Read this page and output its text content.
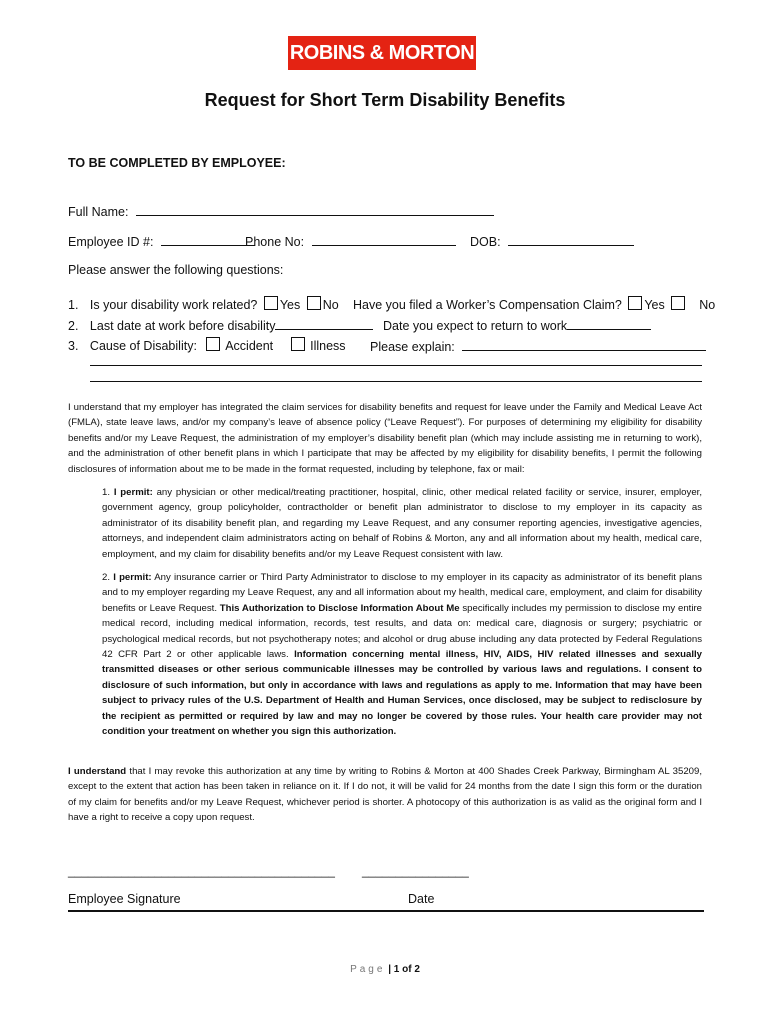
ROBINS & MORTON
Request for Short Term Disability Benefits
TO BE COMPLETED BY EMPLOYEE:
Full Name:
Employee ID #:	Phone No:	DOB:
Please answer the following questions:
1. Is your disability work related? Yes No Have you filed a Worker’s Compensation Claim? Yes	No
2. Last date at work before disability	Date you expect to return to work
3. Cause of Disability: Accident	Illness Please explain:
I understand that my employer has integrated the claim services for disability benefits and request for leave under the Family and Medical Leave Act (FMLA), state leave laws, and/or my company’s leave of absence policy (“Leave Request”). For purposes of determining my eligibility for disability benefits and/or my Leave Request, the administration of my employer’s disability benefit plan (which may include assisting me in returning to work), and the administration of other benefit plans in which I participate that may be affected by my eligibility for disability benefits, I permit the following disclosures of information about me to be made in the format requested, including by telephone, fax or mail:
1. I permit: any physician or other medical/treating practitioner, hospital, clinic, other medical related facility or service, insurer, employer, government agency, group policyholder, contractholder or benefit plan administrator to disclose to my employer in its capacity as administrator of its disability benefit plan, and regarding my Leave Request, and any consumer reporting agencies, investigative agencies, attorneys, and independent claim administrators acting on behalf of Robins & Morton, any and all information about my health, medical care, employment, and my claim for disability benefits and/or my Leave Request consistent with law.
2. I permit: Any insurance carrier or Third Party Administrator to disclose to my employer in its capacity as administrator of its benefit plans and to my employer regarding my Leave Request, any and all information about my health, medical care, employment, and claim for disability benefits or Leave Request. This Authorization to Disclose Information About Me specifically includes my permission to disclose my entire medical record, including medical information, records, test results, and data on: medical care, diagnosis or surgery; psychiatric or psychological medical records, but not psychotherapy notes; and alcohol or drug abuse including any data protected by Federal Regulations 42 CFR Part 2 or other applicable laws. Information concerning mental illness, HIV, AIDS, HIV related illnesses and sexually transmitted diseases or other serious communicable illnesses may be controlled by various laws and regulations. I consent to disclosure of such information, but only in accordance with laws and regulations as apply to me. Information that may have been subject to privacy rules of the U.S. Department of Health and Human Services, once disclosed, may be subject to redisclosure by the recipient as permitted or required by law and may no longer be covered by those rules. Your health care provider may not condition your treatment on whether you sign this authorization.
I understand that I may revoke this authorization at any time by writing to Robins & Morton at 400 Shades Creek Parkway, Birmingham AL 35209, except to the extent that action has been taken in reliance on it. If I do not, it will be valid for 24 months from the date I sign this form or the duration of my claim for benefits and/or my Leave Request, whichever period is shorter. A photocopy of this authorization is as valid as the original form and I have a right to receive a copy upon request.
________________________________________ ________________
Employee Signature	Date
Page | 1 of 2
